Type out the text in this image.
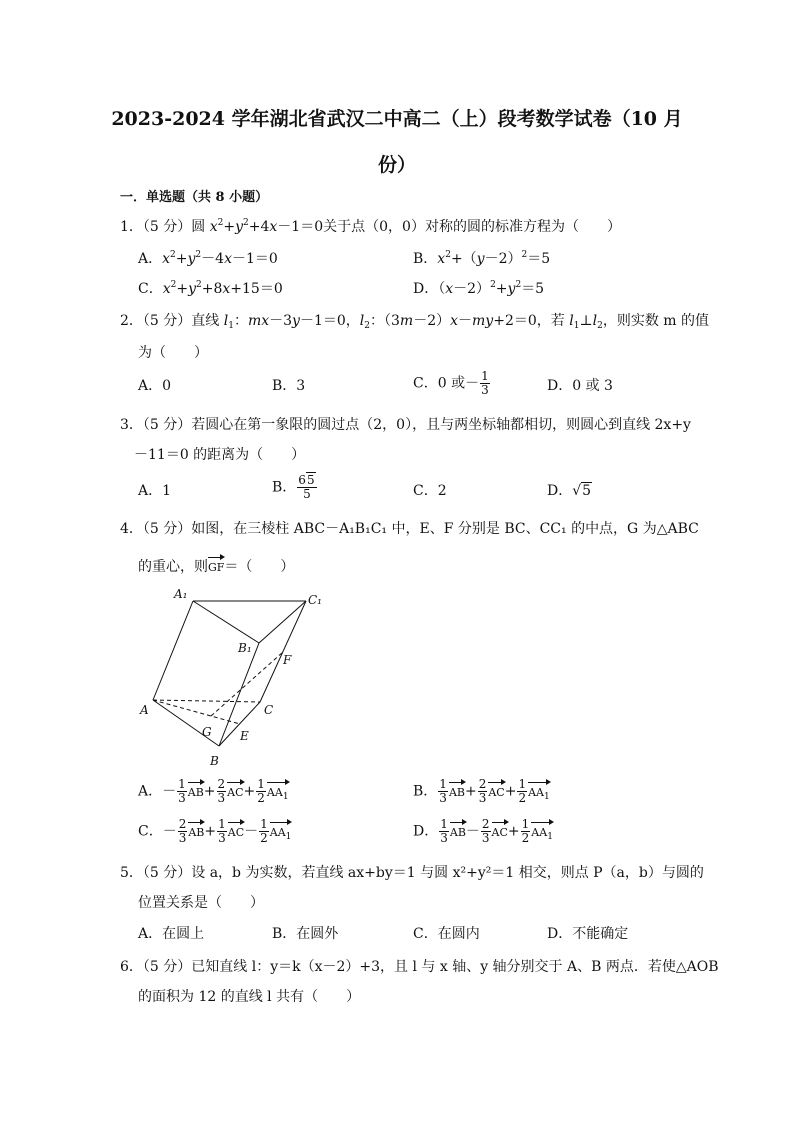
2023-2024 学年湖北省武汉二中高二（上）段考数学试卷（10 月
份）
一．单选题（共 8 小题）
1．（5 分）圆 $x^2+y^2+4x-1=0$关于点（0，0）对称的圆的标准方程为（　　）
A．$x^2+y^2-4x-1=0$	B．$x^2+(y-2)^2=5$
C．$x^2+y^2+8x+15=0$	D．$(x-2)^2+y^2=5$
2．（5 分）直线 $l_1$：mx－3y－1＝0，$l_2$：（3m－2）x－my+2＝0，若 $l_1\perp l_2$，则实数 m 的值
为（　　）
A．0	B．3	C．0 或－ $\frac{1}{3}$	D．0 或 3
3．（5 分）若圆心在第一象限的圆过点（2，0），且与两坐标轴都相切，则圆心到直线 2x+y
－11＝0 的距离为（　　）
A．1	B． $\frac{65}{5}$	C．2	D．√5
4．（5 分）如图，在三棱柱 ABC－A₁B₁C₁ 中，E、F 分别是 BC、CC₁ 的中点，G 为△ABC
的重心，则GF＝（　　）
A₁	C₁
B₁
F
A	C
G E
B
A．－ $\frac{1}{3} AB+ \frac{2}{3} AC+ \frac{1}{2} AA_1$	B． $\frac{1}{3} AB+ \frac{2}{3} AC+ \frac{1}{2} AA_1$
C．－ $\frac{2}{3} AB+ \frac{1}{3} AC- \frac{1}{2} AA_1$	D． $\frac{1}{3} AB- \frac{2}{3} AC+ \frac{1}{2} AA_1$
5．（5 分）设 a，b 为实数，若直线 ax+by＝1 与圆 x²+y²＝1 相交，则点 P（a，b）与圆的
位置关系是（　　）
A．在圆上	B．在圆外	C．在圆内	D．不能确定
6．（5 分）已知直线 l：y＝k（x－2）+3，且 l 与 x 轴、y 轴分别交于 A、B 两点．若使△AOB
的面积为 12 的直线 l 共有（　　）
